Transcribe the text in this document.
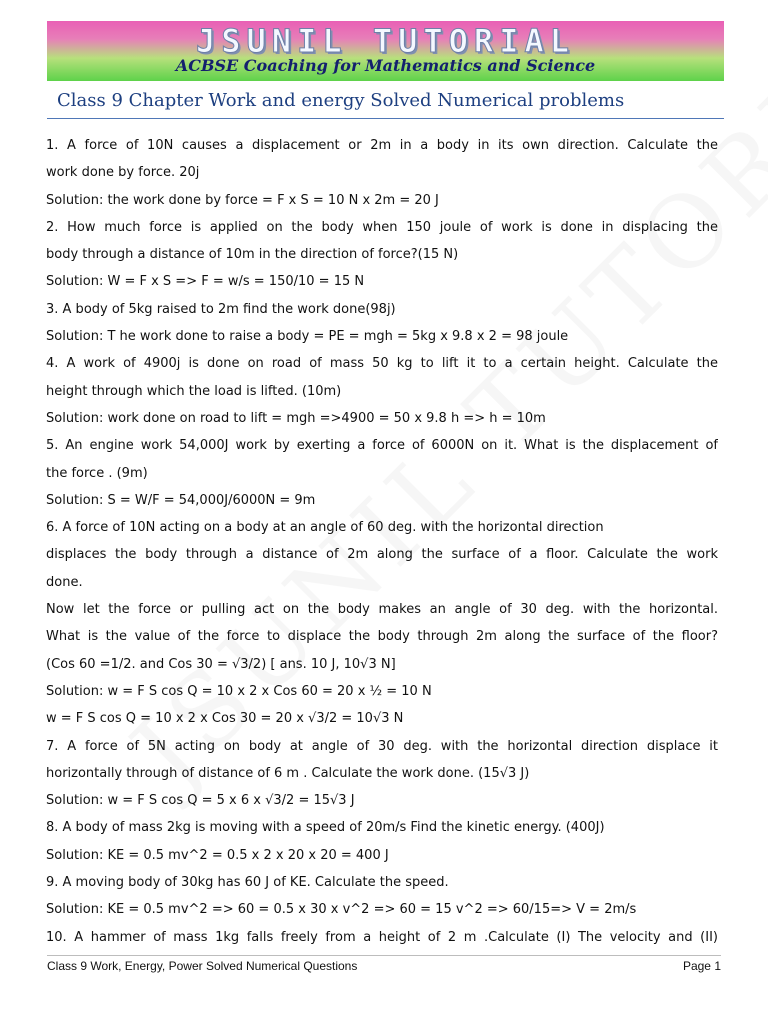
JSUNIL TUTORIAL
ACBSE Coaching for Mathematics and Science
Class 9 Chapter Work and energy Solved Numerical problems
1. A force of 10N causes a displacement or 2m in a body in its own direction. Calculate the
work done by force. 20j
Solution: the work done by force = F x S = 10 N x 2m = 20 J
2. How much force is applied on the body when 150 joule of work is done in displacing the
body through a distance of 10m in the direction of force?(15 N)
Solution: W = F x S => F = w/s = 150/10 = 15 N
3. A body of 5kg raised to 2m find the work done(98j)
Solution: T he work done to raise a body = PE = mgh = 5kg x 9.8 x 2 = 98 joule
4. A work of 4900j is done on road of mass 50 kg to lift it to a certain height. Calculate the
height through which the load is lifted. (10m)
Solution: work done on road to lift = mgh =>4900 = 50 x 9.8 h => h = 10m
5. An engine work 54,000J work by exerting a force of 6000N on it. What is the displacement of
the force . (9m)
Solution: S = W/F = 54,000J/6000N = 9m
6. A force of 10N acting on a body at an angle of 60 deg. with the horizontal direction
displaces the body through a distance of 2m along the surface of a floor. Calculate the work
done.
Now let the force or pulling act on the body makes an angle of 30 deg. with the horizontal.
What is the value of the force to displace the body through 2m along the surface of the floor?
(Cos 60 =1/2. and Cos 30 = √3/2) [ ans. 10 J, 10√3 N]
Solution: w = F S cos Q = 10 x 2 x Cos 60 = 20 x ½ = 10 N
w = F S cos Q = 10 x 2 x Cos 30 = 20 x √3/2 = 10√3 N
7. A force of 5N acting on body at angle of 30 deg. with the horizontal direction displace it
horizontally through of distance of 6 m . Calculate the work done. (15√3 J)
Solution: w = F S cos Q = 5 x 6 x √3/2 = 15√3 J
8. A body of mass 2kg is moving with a speed of 20m/s Find the kinetic energy. (400J)
Solution: KE = 0.5 mv^2 = 0.5 x 2 x 20 x 20 = 400 J
9. A moving body of 30kg has 60 J of KE. Calculate the speed.
Solution: KE = 0.5 mv^2 => 60 = 0.5 x 30 x v^2 => 60 = 15 v^2 => 60/15=> V = 2m/s
10. A hammer of mass 1kg falls freely from a height of 2 m .Calculate (I) The velocity and (II)
Class 9 Work, Energy, Power Solved Numerical Questions	Page 1
